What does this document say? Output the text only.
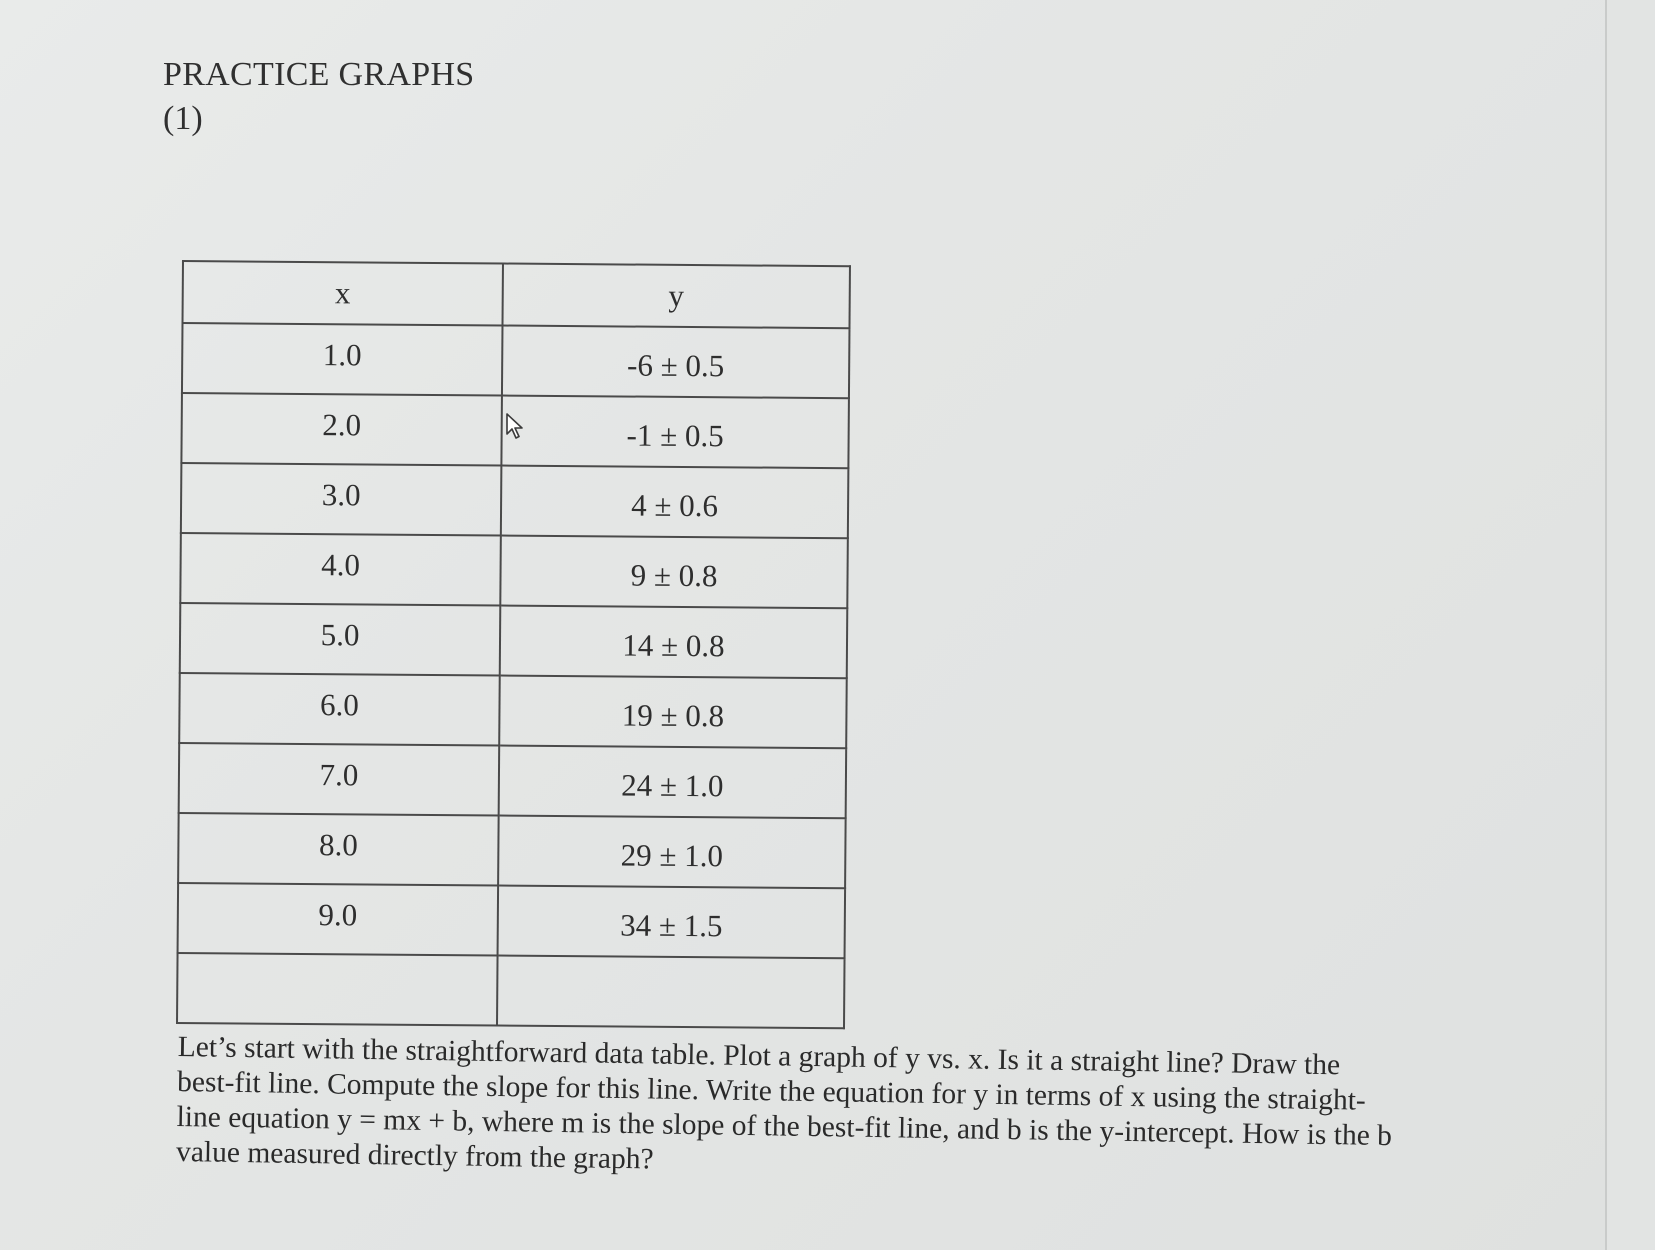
PRACTICE GRAPHS
(1)
x	y
1.0	-6 ± 0.5
2.0	-1 ± 0.5
3.0	4 ± 0.6
4.0	9 ± 0.8
5.0	14 ± 0.8
6.0	19 ± 0.8
7.0	24 ± 1.0
8.0	29 ± 1.0
9.0	34 ± 1.5

Let’s start with the straightforward data table. Plot a graph of y vs. x. Is it a straight line? Draw the best-fit line. Compute the slope for this line. Write the equation for y in terms of x using the straight-line equation y = mx + b, where m is the slope of the best-fit line, and b is the y-intercept. How is the b value measured directly from the graph?
